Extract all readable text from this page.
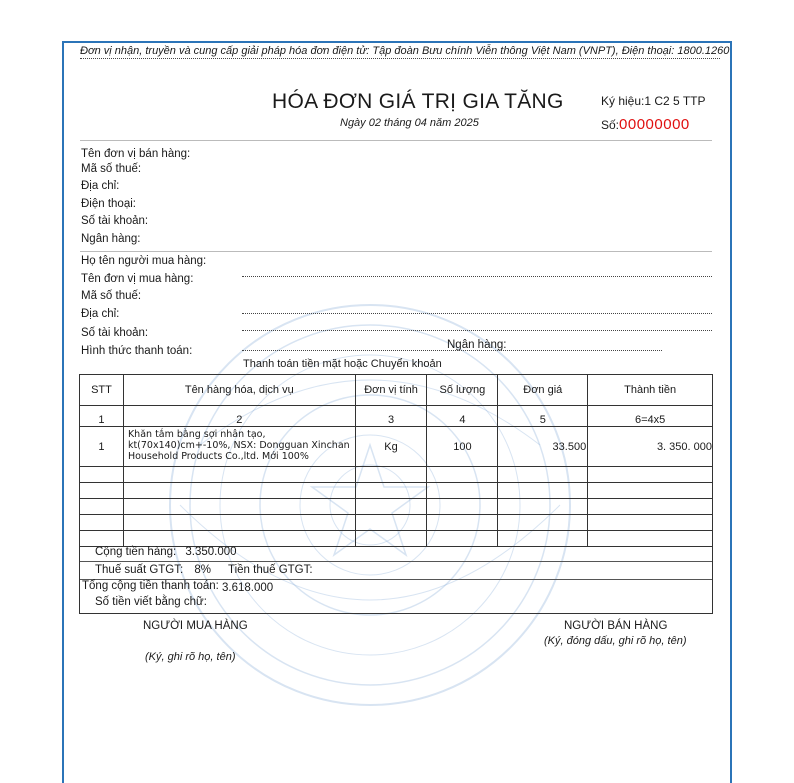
Đơn vị nhận, truyền và cung cấp giải pháp hóa đơn điện tử: Tập đoàn Bưu chính Viễn thông Việt Nam (VNPT), Điện thoại: 1800.1260
HÓA ĐƠN GIÁ TRỊ GIA TĂNG
Ngày 02 tháng 04 năm 2025
Ký hiệu:1 C2 5 TTP
Số:00000000
Tên đơn vị bán hàng:
Mã số thuế:
Địa chỉ:
Điện thoại:
Số tài khoản:
Ngân hàng:
Họ tên người mua hàng:
Tên đơn vị mua hàng:
Mã số thuế:
Địa chỉ:
Số tài khoản:
Hình thức thanh toán:	Ngân hàng:
Thanh toán tiền mặt hoặc Chuyển khoản
STT	Tên hàng hóa, dịch vụ	Đơn vị tính	Số lượng	Đơn giá	Thành tiền
1	2	3	4	5	6=4x5
1	Khăn tắm bằng sợi nhân tạo, kt(70x140)cm+-10%, NSX: Dongguan Xinchan Household Products Co.,ltd. Mới 100%	Kg	100	33.500	3. 350. 000

Cộng tiền hàng: 3.350.000
Thuế suất GTGT: 8% Tiền thuế GTGT:
Tổng cộng tiền thanh toán: 3.618.000
Số tiền viết bằng chữ:
NGƯỜI MUA HÀNG
(Ký, ghi rõ họ, tên)
NGƯỜI BÁN HÀNG
(Ký, đóng dấu, ghi rõ họ, tên)
